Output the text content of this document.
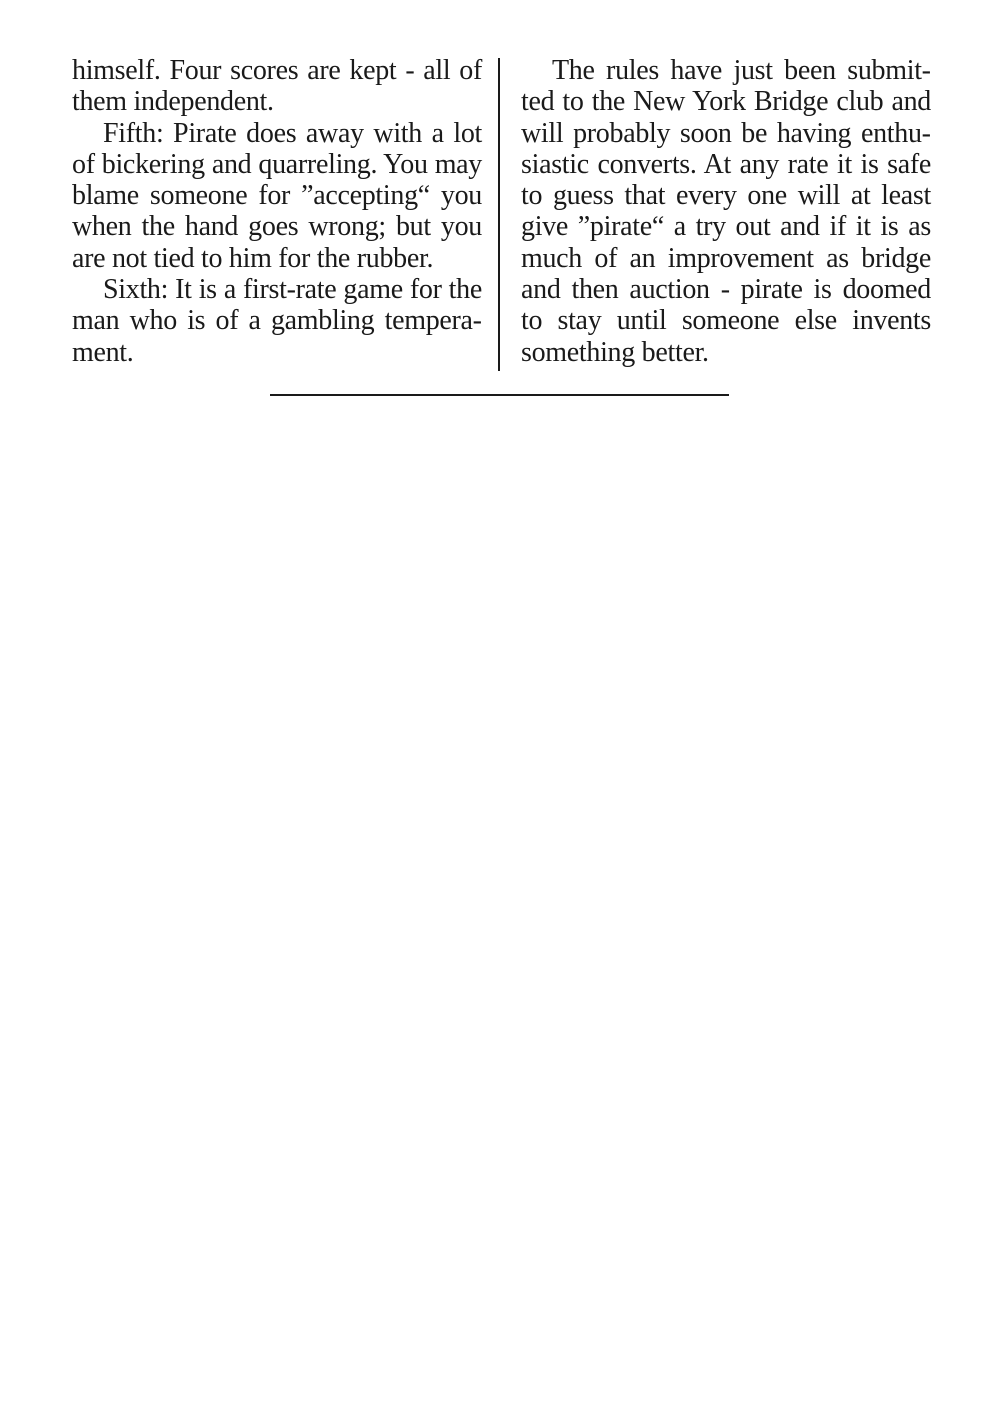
himself. Four scores are kept - all of them independent.

Fifth: Pirate does away with a lot of bickering and quarreling. You may blame someone for ”accepting“ you when the hand goes wrong; but you are not tied to him for the rubber.

Sixth: It is a first-rate game for the man who is of a gambling temperament.

The rules have just been submitted to the New York Bridge club and will probably soon be having enthusiastic converts. At any rate it is safe to guess that every one will at least give ”pirate“ a try out and if it is as much of an improvement as bridge and then auction - pirate is doomed to stay until someone else invents something better.
